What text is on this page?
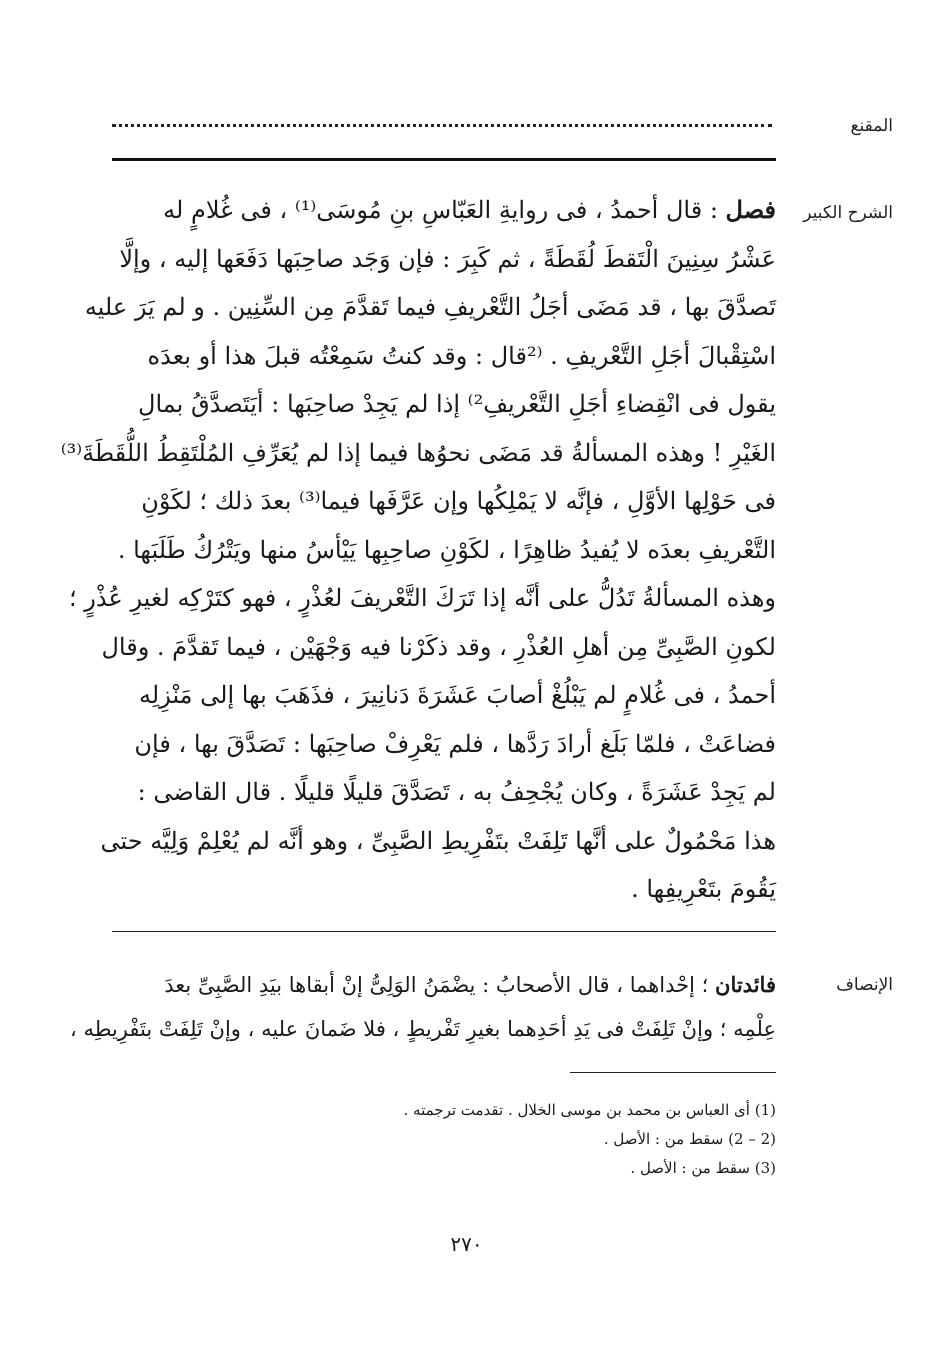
المقنع
الشرح الكبير
فصل : قال أحمدُ ، فى روايةِ العَبّاسِ بنِ مُوسَى⁽¹⁾ ، فى غُلامٍ له
عَشْرُ سِنِينَ الْتَقطَ لُقَطَةً ، ثم كَبِرَ : فإن وَجَد صاحِبَها دَفَعَها إليه ، وإلَّا
تَصدَّقَ بها ، قد مَضَى أجَلُ التَّعْريفِ فيما تَقدَّمَ مِن السِّنِين . و لم يَرَ عليه
اسْتِقْبالَ أجَلِ التَّعْريفِ . ⁽²قال : وقد كنتُ سَمِعْتُه قبلَ هذا أو بعدَه
يقول فى انْقِضاءِ أجَلِ التَّعْريفِ²⁾ إذا لم يَجِدْ صاحِبَها : أيَتَصدَّقُ بمالِ
الغَيْرِ ! وهذه المسألةُ قد مَضَى نحوُها فيما إذا لم يُعَرِّفِ المُلْتَقِطُ اللُّقَطَةَ⁽³⁾
فى حَوْلِها الأوَّلِ ، فإنَّه لا يَمْلِكُها وإن عَرَّفَها فيما⁽³⁾ بعدَ ذلك ؛ لكَوْنِ
التَّعْريفِ بعدَه لا يُفيدُ ظاهِرًا ، لكَوْنِ صاحِبِها يَيْأسُ منها ويَتْرُكُ طَلَبَها .
وهذه المسألةُ تَدُلُّ على أنَّه إذا تَرَكَ التَّعْريفَ لعُذْرٍ ، فهو كتَرْكِه لغيرِ عُذْرٍ ؛
لكونِ الصَّبِىِّ مِن أهلِ العُذْرِ ، وقد ذكَرْنا فيه وَجْهَيْن ، فيما تَقدَّمَ . وقال
أحمدُ ، فى غُلامٍ لم يَبْلُغْ أصابَ عَشَرَةَ دَنانِيرَ ، فذَهَبَ بها إلى مَنْزِلِه
فضاعَتْ ، فلمّا بَلَغ أرادَ رَدَّها ، فلم يَعْرِفْ صاحِبَها : تَصَدَّقَ بها ، فإن
لم يَجِدْ عَشَرَةً ، وكان يُجْحِفُ به ، تَصَدَّقَ قليلًا قليلًا . قال القاضى :
هذا مَحْمُولٌ على أنَّها تَلِفَتْ بتَفْرِيطِ الصَّبِىِّ ، وهو أنَّه لم يُعْلِمْ وَلِيَّه حتى
يَقُومَ بتَعْرِيفِها .
الإنصاف
فائدتان ؛ إحْداهما ، قال الأصحابُ : يضْمَنُ الوَلِىُّ إنْ أبقاها بيَدِ الصَّبِىِّ بعدَ
عِلْمِه ؛ وإنْ تَلِفَتْ فى يَدِ أحَدِهما بغيرِ تَفْريطٍ ، فلا ضَمانَ عليه ، وإنْ تَلِفَتْ بتَفْرِيطِه ،
(1) أى العباس بن محمد بن موسى الخلال . تقدمت ترجمته .
(2 – 2) سقط من : الأصل .
(3) سقط من : الأصل .
٢٧٠
